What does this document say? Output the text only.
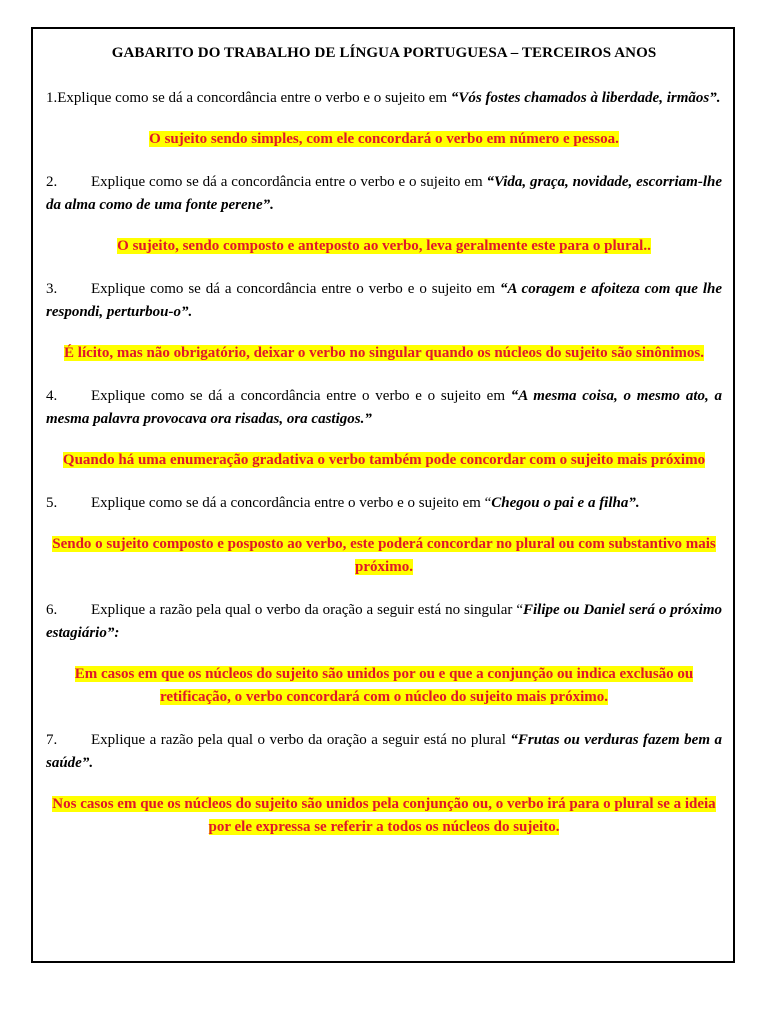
GABARITO DO TRABALHO DE LÍNGUA PORTUGUESA – TERCEIROS ANOS

1.Explique como se dá a concordância entre o verbo e o sujeito em “Vós fostes chamados à liberdade, irmãos”.

O sujeito sendo simples, com ele concordará o verbo em número e pessoa.

2. Explique como se dá a concordância entre o verbo e o sujeito em “Vida, graça, novidade, escorriam-lhe da alma como de uma fonte perene”.

O sujeito, sendo composto e anteposto ao verbo, leva geralmente este para o plural..

3. Explique como se dá a concordância entre o verbo e o sujeito em “A coragem e afoiteza com que lhe respondi, perturbou-o”.

É lícito, mas não obrigatório, deixar o verbo no singular quando os núcleos do sujeito são sinônimos.

4. Explique como se dá a concordância entre o verbo e o sujeito em “A mesma coisa, o mesmo ato, a mesma palavra provocava ora risadas, ora castigos.”

Quando há uma enumeração gradativa o verbo também pode concordar com o sujeito mais próximo

5. Explique como se dá a concordância entre o verbo e o sujeito em “Chegou o pai e a filha”.

Sendo o sujeito composto e posposto ao verbo, este poderá concordar no plural ou com substantivo mais próximo.

6. Explique a razão pela qual o verbo da oração a seguir está no singular “Filipe ou Daniel será o próximo estagiário”:

Em casos em que os núcleos do sujeito são unidos por ou e que a conjunção ou indica exclusão ou retificação, o verbo concordará com o núcleo do sujeito mais próximo.

7. Explique a razão pela qual o verbo da oração a seguir está no plural “Frutas ou verduras fazem bem a saúde”.

Nos casos em que os núcleos do sujeito são unidos pela conjunção ou, o verbo irá para o plural se a ideia por ele expressa se referir a todos os núcleos do sujeito.
